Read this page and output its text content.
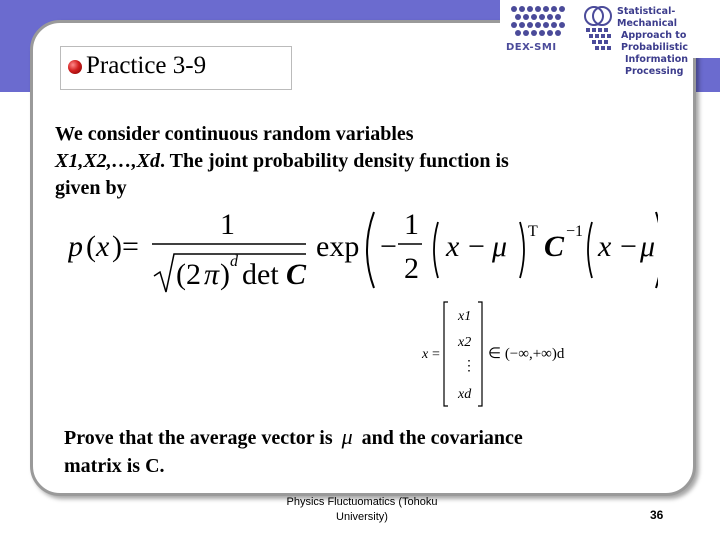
Practice 3-9
DEX-SMI
Statistical-Mechanical
Approach to Probabilistic
Information Processing
We consider continuous random variables
X1,X2,…,Xd. The joint probability density function is
given by
p ( x ) =
1
(2 π ) d det C
exp −
1
2
x − μ T C −1 x − μ
x =
x1
x2
⋮
xd
∈ (−∞,+∞)d
Prove that the average vector is μ and the covariance
matrix is C.
Physics Fluctuomatics (Tohoku
University)	36
